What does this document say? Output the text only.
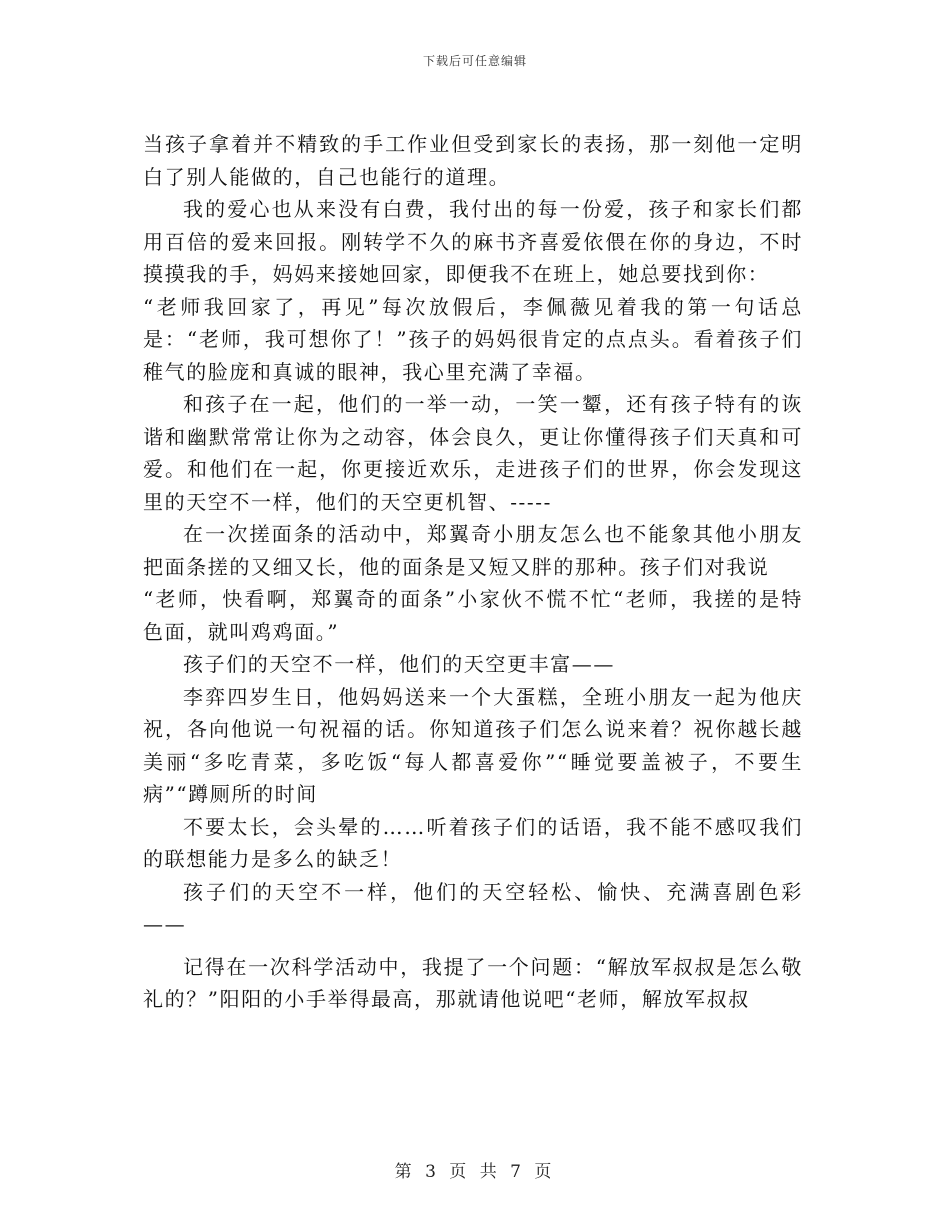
下载后可任意编辑

当孩子拿着并不精致的手工作业但受到家长的表扬，那一刻他一定明白了别人能做的，自己也能行的道理。

我的爱心也从来没有白费，我付出的每一份爱，孩子和家长们都用百倍的爱来回报。刚转学不久的麻书齐喜爱依偎在你的身边，不时摸摸我的手，妈妈来接她回家，即便我不在班上，她总要找到你：

“老师我回家了，再见”每次放假后，李佩薇见着我的第一句话总是：“老师，我可想你了！”孩子的妈妈很肯定的点点头。看着孩子们稚气的脸庞和真诚的眼神，我心里充满了幸福。

和孩子在一起，他们的一举一动，一笑一颦，还有孩子特有的诙谐和幽默常常让你为之动容，体会良久，更让你懂得孩子们天真和可爱。和他们在一起，你更接近欢乐，走进孩子们的世界，你会发现这里的天空不一样，他们的天空更机智、-----

在一次搓面条的活动中，郑翼奇小朋友怎么也不能象其他小朋友把面条搓的又细又长，他的面条是又短又胖的那种。孩子们对我说

“老师，快看啊，郑翼奇的面条”小家伙不慌不忙“老师，我搓的是特色面，就叫鸡鸡面。”

孩子们的天空不一样，他们的天空更丰富——

李弈四岁生日，他妈妈送来一个大蛋糕，全班小朋友一起为他庆祝，各向他说一句祝福的话。你知道孩子们怎么说来着？祝你越长越美丽“多吃青菜，多吃饭“每人都喜爱你”“睡觉要盖被子，不要生病”“蹲厕所的时间

不要太长，会头晕的……听着孩子们的话语，我不能不感叹我们的联想能力是多么的缺乏！

孩子们的天空不一样，他们的天空轻松、愉快、充满喜剧色彩——

记得在一次科学活动中，我提了一个问题：“解放军叔叔是怎么敬礼的？”阳阳的小手举得最高，那就请他说吧“老师，解放军叔叔

第 3 页 共 7 页
